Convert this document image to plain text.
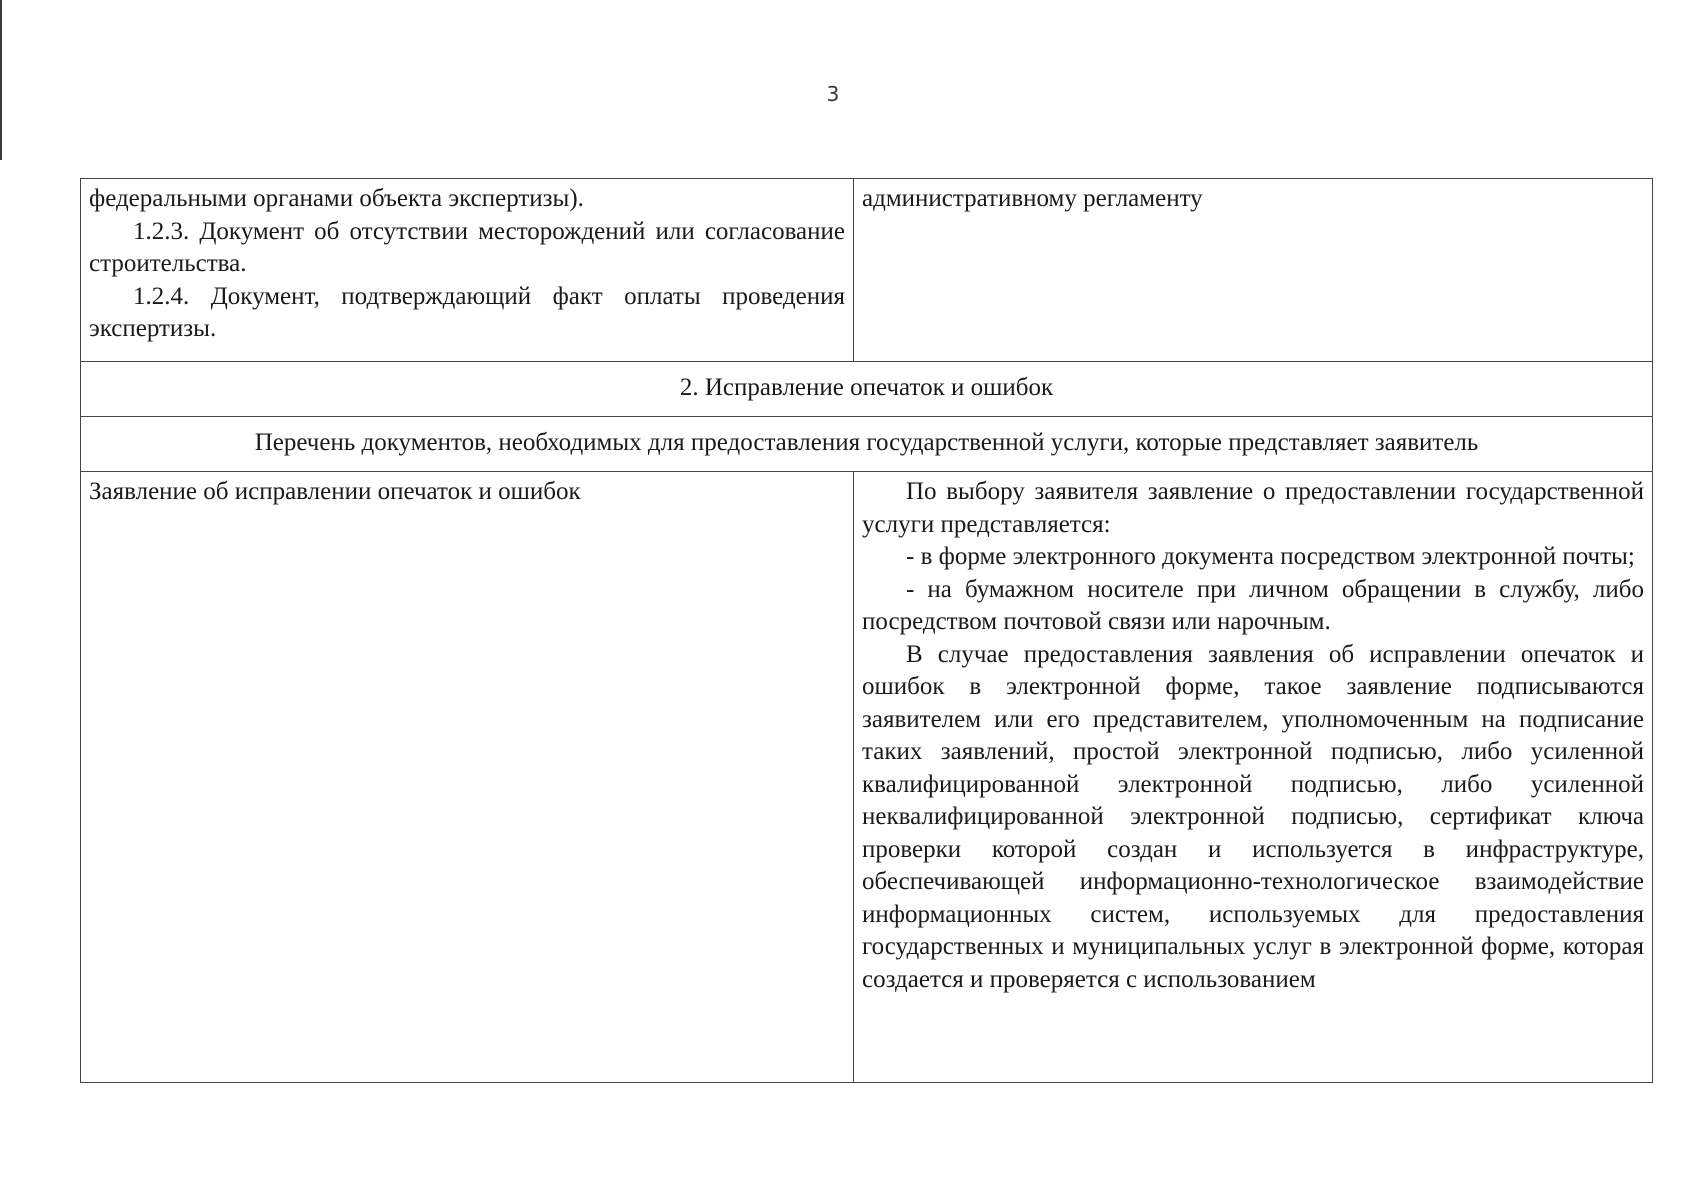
3

федеральными органами объекта экспертизы).

1.2.3. Документ об отсутствии месторождений или согласование строительства.

1.2.4. Документ, подтверждающий факт оплаты проведения экспертизы.	административному регламенту

2. Исправление опечаток и ошибок	
Перечень документов, необходимых для предоставления государственной услуги, которые представляет заявитель	

Заявление об исправлении опечаток и ошибок	По выбору заявителя заявление о предоставлении государственной услуги представляется:

- в форме электронного документа посредством электронной почты;

- на бумажном носителе при личном обращении в службу, либо посредством почтовой связи или нарочным.

В случае предоставления заявления об исправлении опечаток и ошибок в электронной форме, такое заявление подписываются заявителем или его представителем, уполномоченным на подписание таких заявлений, простой электронной подписью, либо усиленной квалифицированной электронной подписью, либо усиленной неквалифицированной электронной подписью, сертификат ключа проверки которой создан и используется в инфраструктуре, обеспечивающей информационно-технологическое взаимодействие информационных систем, используемых для предоставления государственных и муниципальных услуг в электронной форме, которая создается и проверяется с использованием
